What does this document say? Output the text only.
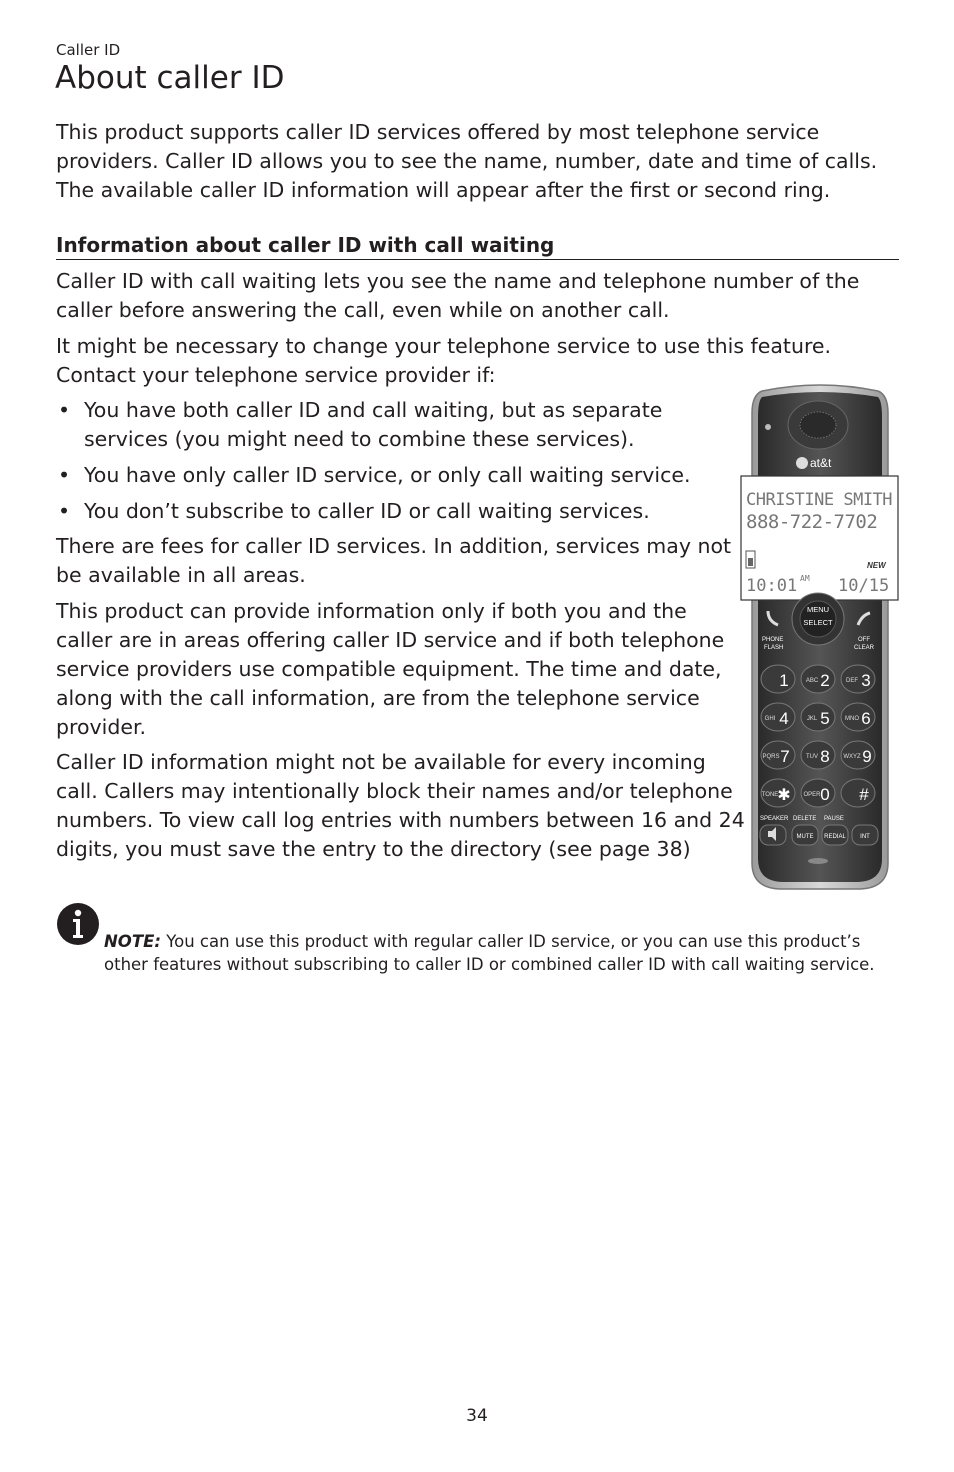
Caller ID
About caller ID

This product supports caller ID services offered by most telephone service providers. Caller ID allows you to see the name, number, date and time of calls. The available caller ID information will appear after the first or second ring.

Information about caller ID with call waiting

Caller ID with call waiting lets you see the name and telephone number of the caller before answering the call, even while on another call.

It might be necessary to change your telephone service to use this feature. Contact your telephone service provider if:

• You have both caller ID and call waiting, but as separate services (you might need to combine these services).
• You have only caller ID service, or only call waiting service.
• You don’t subscribe to caller ID or call waiting services.

There are fees for caller ID services. In addition, services may not be available in all areas.

This product can provide information only if both you and the caller are in areas offering caller ID service and if both telephone service providers use compatible equipment. The time and date, along with the call information, are from the telephone service provider.

Caller ID information might not be available for every incoming call. Callers may intentionally block their names and/or telephone numbers. To view call log entries with numbers between 16 and 24 digits, you must save the entry to the directory (see page 38)

at&t
CHRISTINE SMITH
888-722-7702
NEW
10:01 AM 10/15
MENU
SELECT
PHONE
FLASH
OFF
CLEAR
1	ABC 2	DEF 3
GHI 4	JKL 5	MNO 6
PQRS 7	TUV 8 WXYZ 9
TONE ✱ OPER 0 #
SPEAKER DELETE PAUSE
MUTE REDIAL INT

NOTE: You can use this product with regular caller ID service, or you can use this product’s other features without subscribing to caller ID or combined caller ID with call waiting service.

34
